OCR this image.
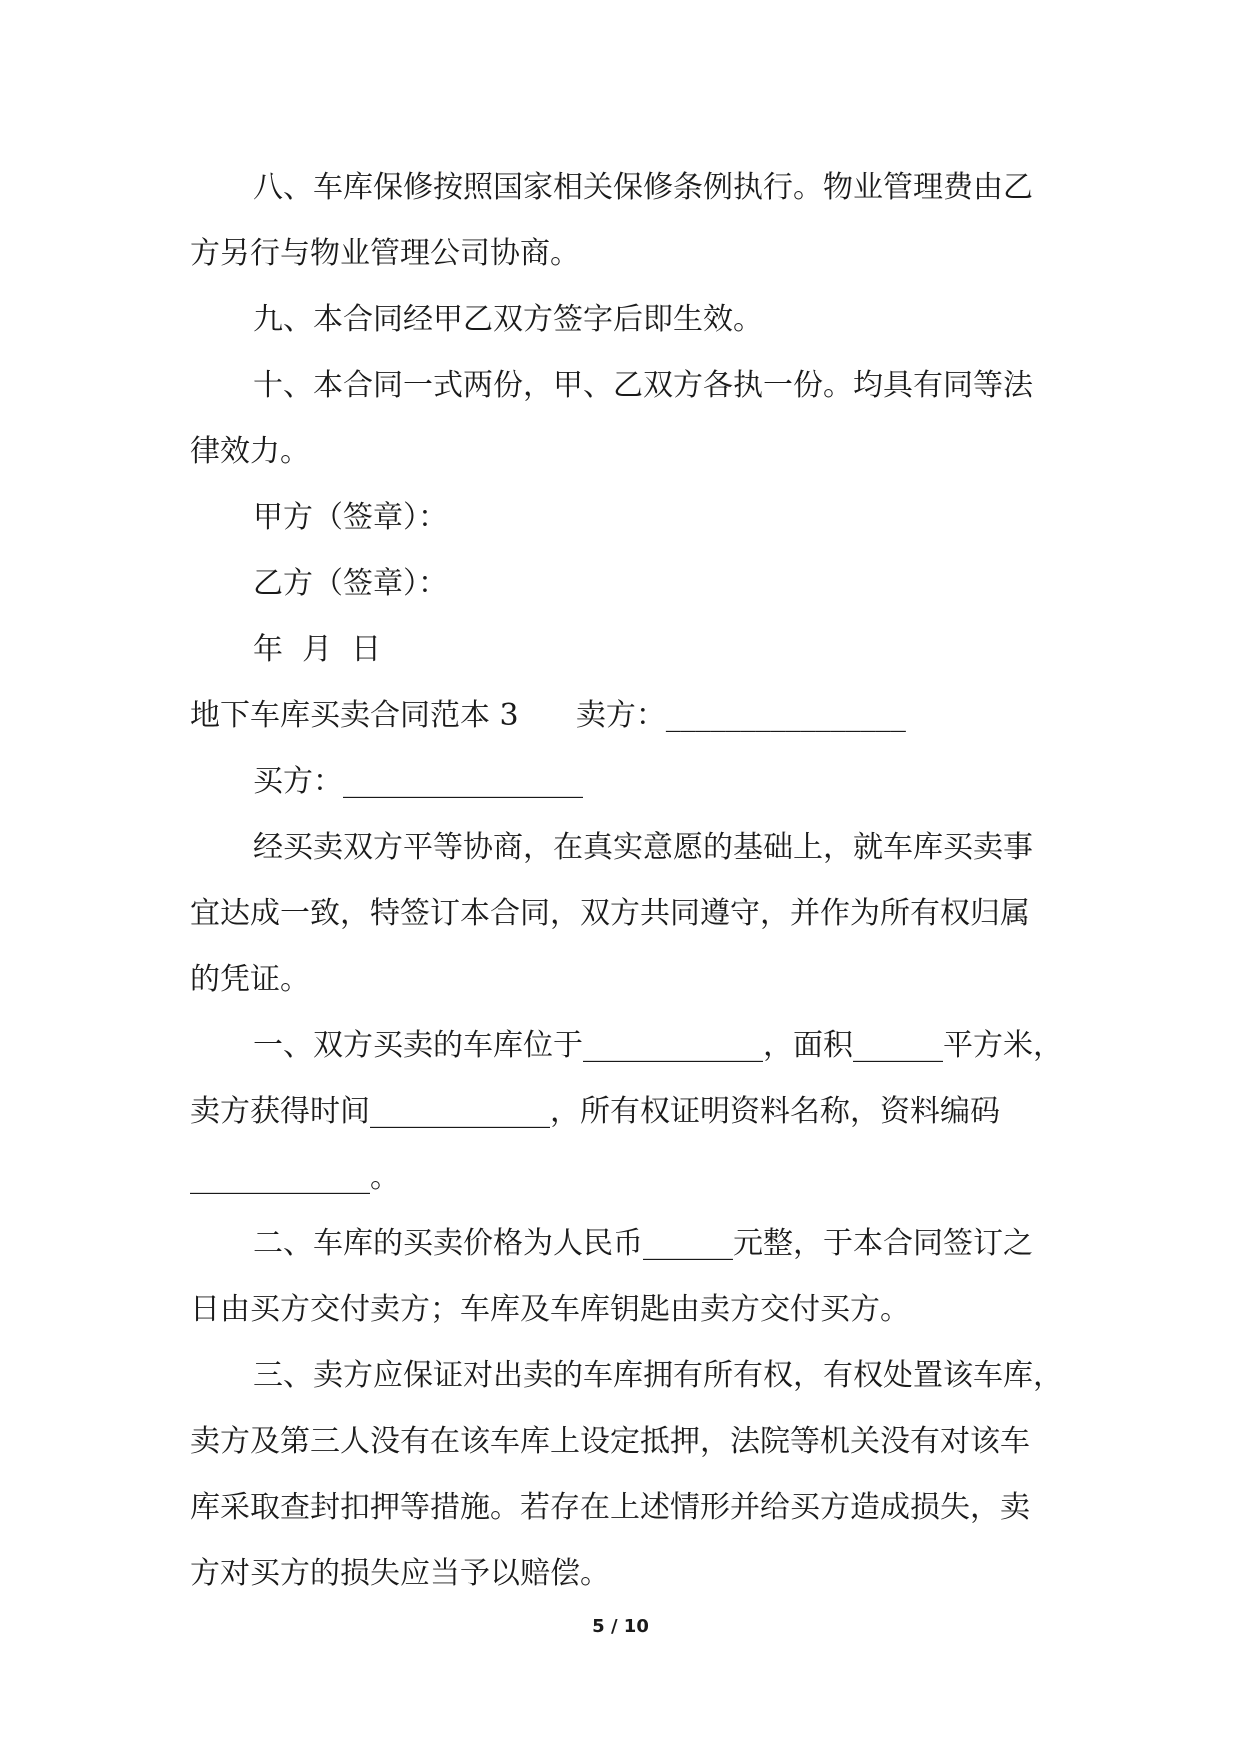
八、车库保修按照国家相关保修条例执行。物业管理费由乙
方另行与物业管理公司协商。
九、本合同经甲乙双方签字后即生效。
十、本合同一式两份，甲、乙双方各执一份。均具有同等法
律效力。
甲方（签章）：
乙方（签章）：
年  月  日
地下车库买卖合同范本 3      卖方：________________
买方：________________
经买卖双方平等协商，在真实意愿的基础上，就车库买卖事
宜达成一致，特签订本合同，双方共同遵守，并作为所有权归属
的凭证。
一、双方买卖的车库位于____________，面积______平方米，
卖方获得时间____________，所有权证明资料名称，资料编码
____________。
二、车库的买卖价格为人民币______元整，于本合同签订之
日由买方交付卖方；车库及车库钥匙由卖方交付买方。
三、卖方应保证对出卖的车库拥有所有权，有权处置该车库，
卖方及第三人没有在该车库上设定抵押，法院等机关没有对该车
库采取查封扣押等措施。若存在上述情形并给买方造成损失，卖
方对买方的损失应当予以赔偿。
5 / 10
